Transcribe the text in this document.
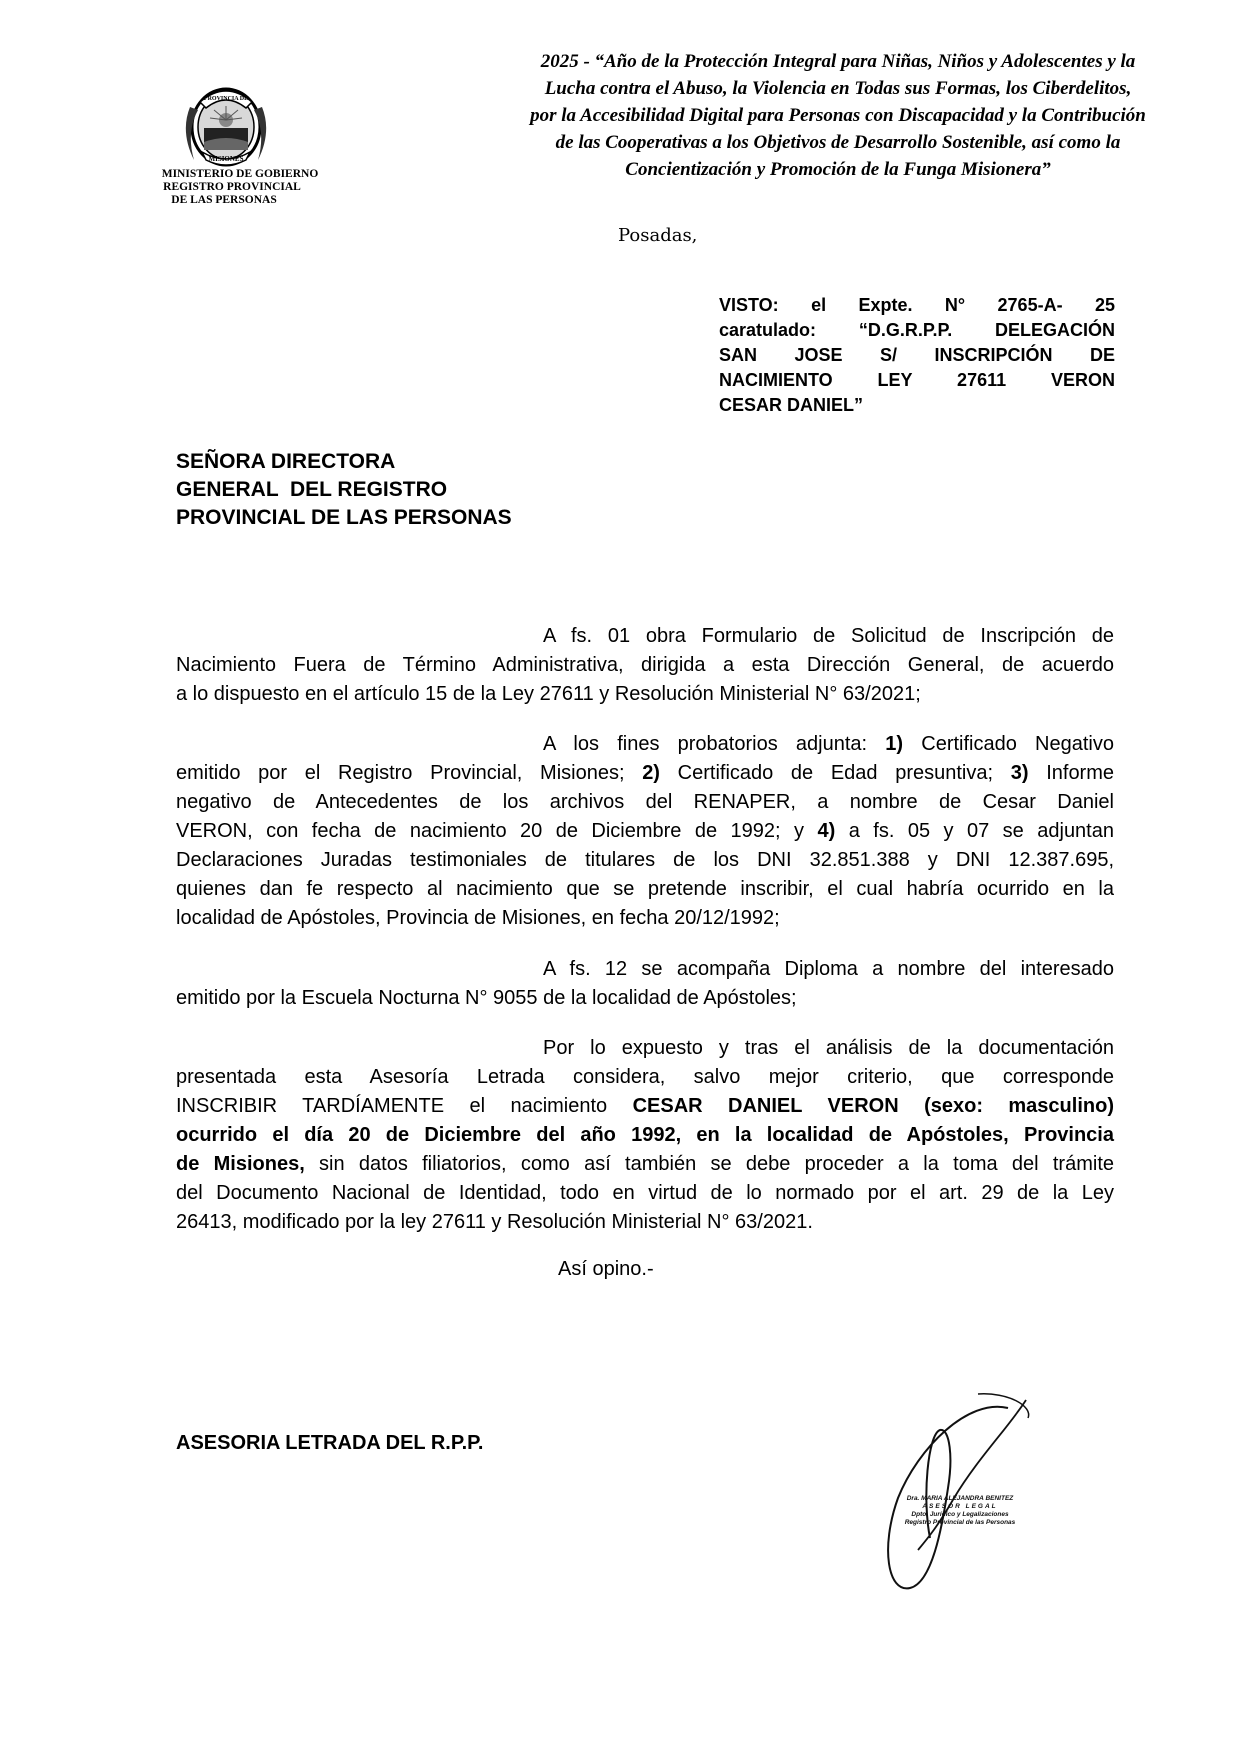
PROVINCIA DE
MISIONES
MINISTERIO DE GOBIERNO
REGISTRO PROVINCIAL
DE LAS PERSONAS
2025 - “Año de la Protección Integral para Niñas, Niños y Adolescentes y la
Lucha contra el Abuso, la Violencia en Todas sus Formas, los Ciberdelitos,
por la Accesibilidad Digital para Personas con Discapacidad y la Contribución
de las Cooperativas a los Objetivos de Desarrollo Sostenible, así como la
Concientización y Promoción de la Funga Misionera”
Posadas,
VISTO: el Expte. N° 2765-A- 25
caratulado: “D.G.R.P.P. DELEGACIÓN
SAN JOSE S/ INSCRIPCIÓN DE
NACIMIENTO LEY 27611 VERON
CESAR DANIEL”
SEÑORA DIRECTORA
GENERAL  DEL REGISTRO
PROVINCIAL DE LAS PERSONAS
A fs. 01 obra Formulario de Solicitud de Inscripción de
Nacimiento Fuera de Término Administrativa, dirigida a esta Dirección General, de acuerdo
a lo dispuesto en el artículo 15 de la Ley 27611 y Resolución Ministerial N° 63/2021;
A los fines probatorios adjunta: 1) Certificado Negativo
emitido por el Registro Provincial, Misiones; 2) Certificado de Edad presuntiva; 3) Informe
negativo de Antecedentes de los archivos del RENAPER, a nombre de Cesar Daniel
VERON, con fecha de nacimiento 20 de Diciembre de 1992; y 4) a fs. 05 y 07 se adjuntan
Declaraciones Juradas testimoniales de titulares de los DNI 32.851.388 y DNI 12.387.695,
quienes dan fe respecto al nacimiento que se pretende inscribir, el cual habría ocurrido en la
localidad de Apóstoles, Provincia de Misiones, en fecha 20/12/1992;
A fs. 12 se acompaña Diploma a nombre del interesado
emitido por la Escuela Nocturna N° 9055 de la localidad de Apóstoles;
Por lo expuesto y tras el análisis de la documentación
presentada esta Asesoría Letrada considera, salvo mejor criterio, que corresponde
INSCRIBIR TARDÍAMENTE el nacimiento CESAR DANIEL VERON (sexo: masculino)
ocurrido el día 20 de Diciembre del año 1992, en la localidad de Apóstoles, Provincia
de Misiones, sin datos filiatorios, como así también se debe proceder a la toma del trámite
del Documento Nacional de Identidad, todo en virtud de lo normado por el art. 29 de la Ley
26413, modificado por la ley 27611 y Resolución Ministerial N° 63/2021.
Así opino.-
ASESORIA LETRADA DEL R.P.P.
Dra. MARIA ALEJANDRA BENITEZ
ASESOR LEGAL
Dpto. Jurídico y Legalizaciones
Registro Provincial de las Personas
